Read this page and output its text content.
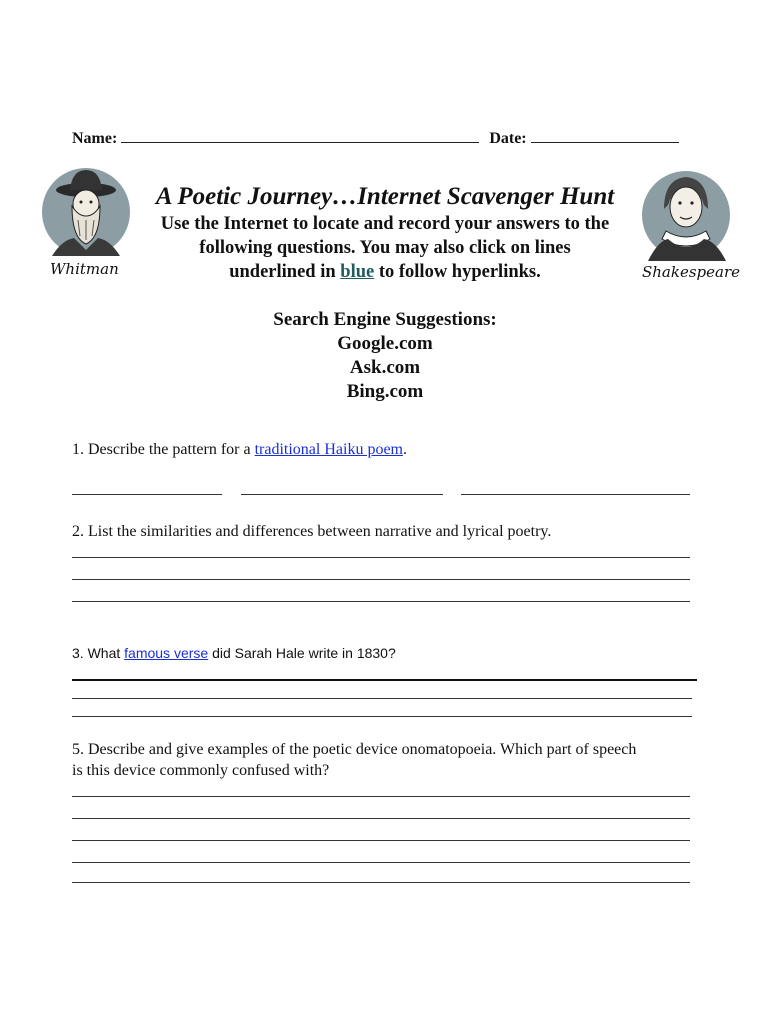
Name:	Date:
Whitman	Shakespeare
A Poetic Journey…Internet Scavenger Hunt
Use the Internet to locate and record your answers to the
following questions. You may also click on lines
underlined in blue to follow hyperlinks.
Search Engine Suggestions:
Google.com
Ask.com
Bing.com
1. Describe the pattern for a traditional Haiku poem.
2. List the similarities and differences between narrative and lyrical poetry.
3. What famous verse did Sarah Hale write in 1830?
5. Describe and give examples of the poetic device onomatopoeia. Which part of speech
is this device commonly confused with?
